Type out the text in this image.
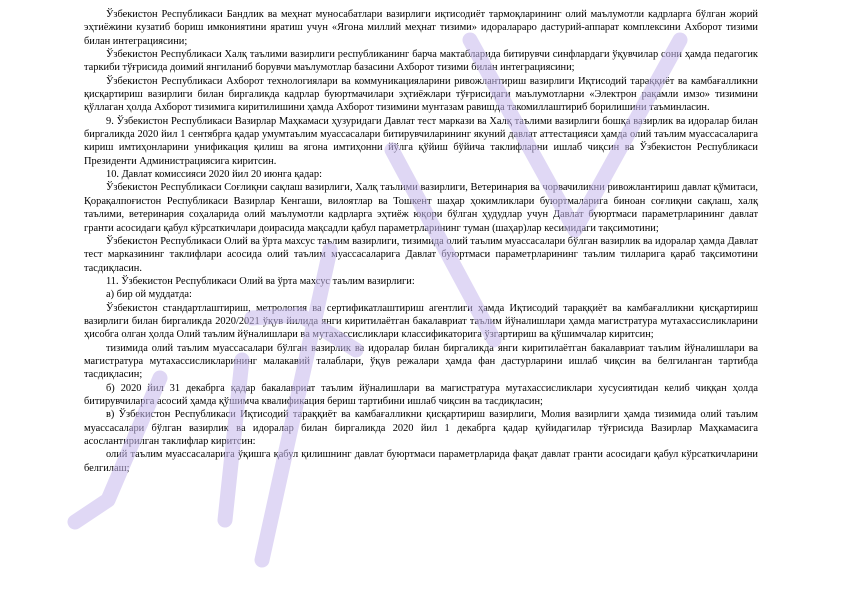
Ўзбекистон Республикаси Бандлик ва меҳнат муносабатлари вазирлиги иқтисодиёт тармоқларининг олий маълумотли кадрларга бўлган жорий эҳтиёжини кузатиб бориш имкониятини яратиш учун «Ягона миллий меҳнат тизими» идоралараро дастурий-аппарат комплексини Ахборот тизими билан интеграциясини;

Ўзбекистон Республикаси Халқ таълими вазирлиги республиканинг барча мактабларида битирувчи синфлардаги ўқувчилар сони ҳамда педагогик таркиби тўғрисида доимий янгиланиб борувчи маълумотлар базасини Ахборот тизими билан интеграциясини;

Ўзбекистон Республикаси Ахборот технологиялари ва коммуникацияларини ривожлантириш вазирлиги Иқтисодий тараққиёт ва камбағалликни қисқартириш вазирлиги билан биргаликда кадрлар буюртмачилари эҳтиёжлари тўғрисидаги маълумотларни «Электрон рақамли имзо» тизимини қўллаган ҳолда Ахборот тизимига киритилишини ҳамда Ахборот тизимини мунтазам равишда такомиллаштириб борилишини таъминласин.

9. Ўзбекистон Республикаси Вазирлар Маҳкамаси ҳузуридаги Давлат тест маркази ва Халқ таълими вазирлиги бошқа вазирлик ва идоралар билан биргаликда 2020 йил 1 сентябрга қадар умумтаълим муассасалари битирувчиларининг якуний давлат аттестацияси ҳамда олий таълим муассасаларига кириш имтиҳонларини унификация қилиш ва ягона имтиҳонни йўлга қўйиш бўйича таклифларни ишлаб чиқсин ва Ўзбекистон Республикаси Президенти Администрациясига киритсин.

10. Давлат комиссияси 2020 йил 20 июнга қадар:

Ўзбекистон Республикаси Соғлиқни сақлаш вазирлиги, Халқ таълими вазирлиги, Ветеринария ва чорвачиликни ривожлантириш давлат қўмитаси, Қорақалпоғистон Республикаси Вазирлар Кенгаши, вилоятлар ва Тошкент шаҳар ҳокимликлари буюртмаларига биноан соғлиқни сақлаш, халқ таълими, ветеринария соҳаларида олий маълумотли кадрларга эҳтиёж юқори бўлган ҳудудлар учун Давлат буюртмаси параметрларининг давлат гранти асосидаги қабул кўрсаткичлари доирасида мақсадли қабул параметрларининг туман (шаҳар)лар кесимидаги тақсимотини;

Ўзбекистон Республикаси Олий ва ўрта махсус таълим вазирлиги, тизимида олий таълим муассасалари бўлган вазирлик ва идоралар ҳамда Давлат тест марказининг таклифлари асосида олий таълим муассасаларига Давлат буюртмаси параметрларининг таълим тилларига қараб тақсимотини тасдиқласин.

11. Ўзбекистон Республикаси Олий ва ўрта махсус таълим вазирлиги:

а) бир ой муддатда:

Ўзбекистон стандартлаштириш, метрология ва сертификатлаштириш агентлиги ҳамда Иқтисодий тараққиёт ва камбағалликни қисқартириш вазирлиги билан биргаликда 2020/2021 ўқув йилида янги киритилаётган бакалавриат таълим йўналишлари ҳамда магистратура мутахассисликларини ҳисобга олган ҳолда Олий таълим йўналишлари ва мутахассисликлари классификаторига ўзгартириш ва қўшимчалар киритсин;

тизимида олий таълим муассасалари бўлган вазирлик ва идоралар билан биргаликда янги киритилаётган бакалавриат таълим йўналишлари ва магистратура мутахассисликларининг малакавий талаблари, ўқув режалари ҳамда фан дастурларини ишлаб чиқсин ва белгиланган тартибда тасдиқласин;

б) 2020 йил 31 декабрга қадар бакалавриат таълим йўналишлари ва магистратура мутахассисликлари хусусиятидан келиб чиққан ҳолда битирувчиларга асосий ҳамда қўшимча квалификация бериш тартибини ишлаб чиқсин ва тасдиқласин;

в) Ўзбекистон Республикаси Иқтисодий тараққиёт ва камбағалликни қисқартириш вазирлиги, Молия вазирлиги ҳамда тизимида олий таълим муассасалари бўлган вазирлик ва идоралар билан биргаликда 2020 йил 1 декабрга қадар қуйидагилар тўғрисида Вазирлар Маҳкамасига асослантирилган таклифлар киритсин:

олий таълим муассасаларига ўқишга қабул қилишнинг давлат буюртмаси параметрларида фақат давлат гранти асосидаги қабул кўрсаткичларини белгилаш;
